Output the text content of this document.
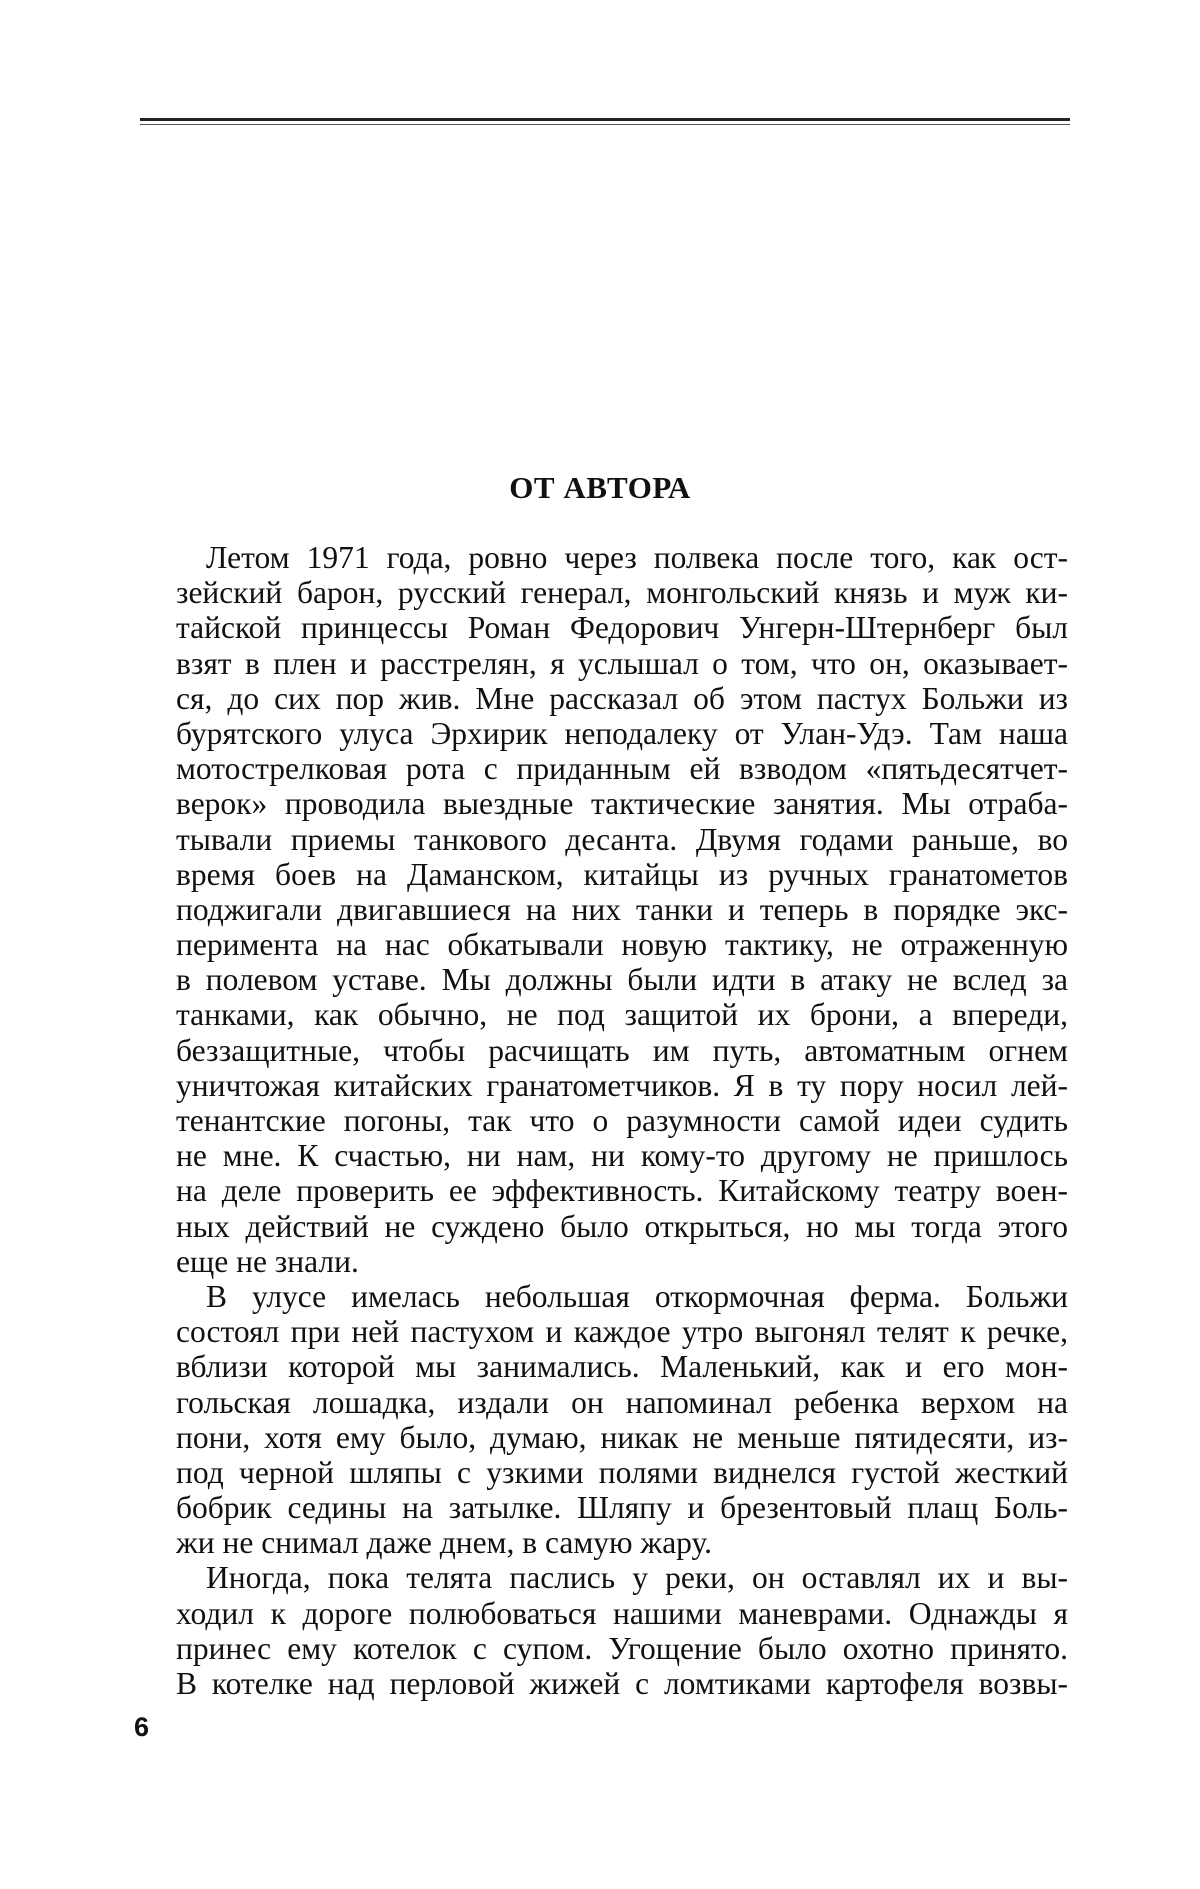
ОТ АВТОРА
Летом 1971 года, ровно через полвека после того, как ост-
зейский барон, русский генерал, монгольский князь и муж ки-
тайской принцессы Роман Федорович Унгерн-Штернберг был
взят в плен и расстрелян, я услышал о том, что он, оказывает-
ся, до сих пор жив. Мне рассказал об этом пастух Больжи из
бурятского улуса Эрхирик неподалеку от Улан-Удэ. Там наша
мотострелковая рота с приданным ей взводом «пятьдесятчет-
верок» проводила выездные тактические занятия. Мы отраба-
тывали приемы танкового десанта. Двумя годами раньше, во
время боев на Даманском, китайцы из ручных гранатометов
поджигали двигавшиеся на них танки и теперь в порядке экс-
перимента на нас обкатывали новую тактику, не отраженную
в полевом уставе. Мы должны были идти в атаку не вслед за
танками, как обычно, не под защитой их брони, а впереди,
беззащитные, чтобы расчищать им путь, автоматным огнем
уничтожая китайских гранатометчиков. Я в ту пору носил лей-
тенантские погоны, так что о разумности самой идеи судить
не мне. К счастью, ни нам, ни кому-то другому не пришлось
на деле проверить ее эффективность. Китайскому театру воен-
ных действий не суждено было открыться, но мы тогда этого
еще не знали.
В улусе имелась небольшая откормочная ферма. Больжи
состоял при ней пастухом и каждое утро выгонял телят к речке,
вблизи которой мы занимались. Маленький, как и его мон-
гольская лошадка, издали он напоминал ребенка верхом на
пони, хотя ему было, думаю, никак не меньше пятидесяти, из-
под черной шляпы с узкими полями виднелся густой жесткий
бобрик седины на затылке. Шляпу и брезентовый плащ Боль-
жи не снимал даже днем, в самую жару.
Иногда, пока телята паслись у реки, он оставлял их и вы-
ходил к дороге полюбоваться нашими маневрами. Однажды я
принес ему котелок с супом. Угощение было охотно принято.
В котелке над перловой жижей с ломтиками картофеля возвы-
6
